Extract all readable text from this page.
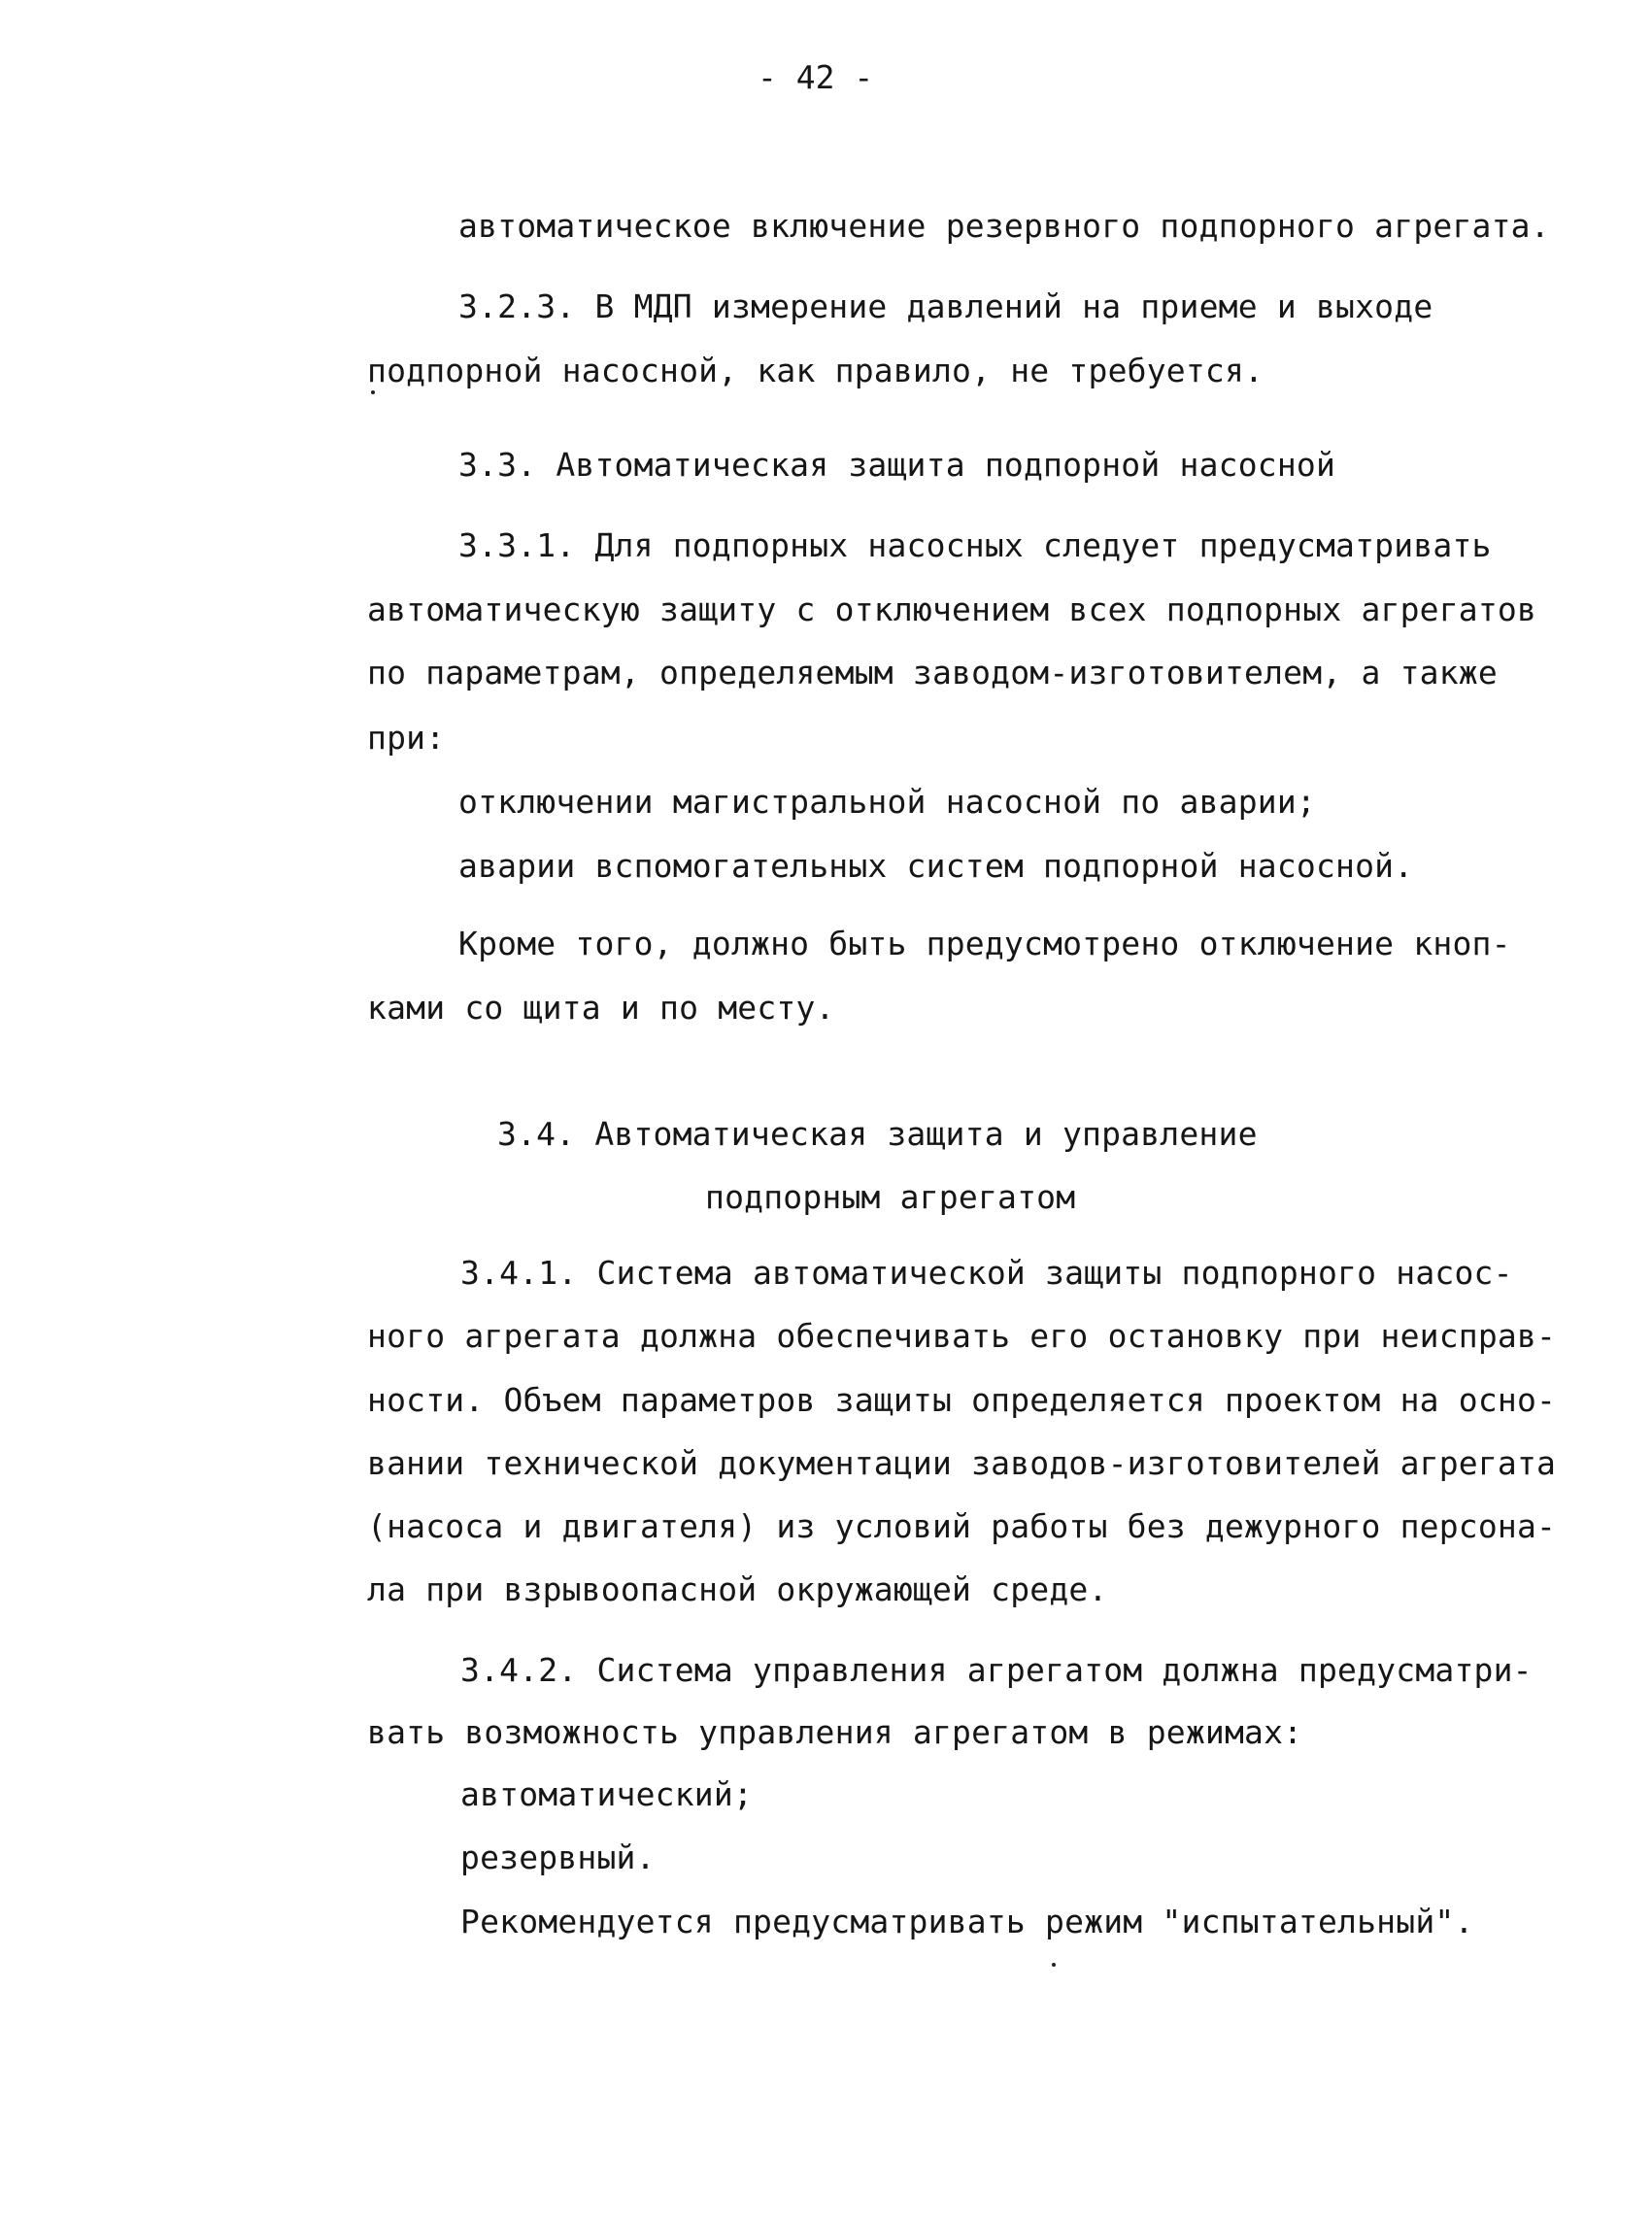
- 42 -
автоматическое включение резервного подпорного агрегата.
3.2.3. В МДП измерение давлений на приеме и выходе
подпорной насосной, как правило, не требуется.
3.3. Автоматическая защита подпорной насосной
3.3.1. Для подпорных насосных следует предусматривать
автоматическую защиту с отключением всех подпорных агрегатов
по параметрам, определяемым заводом-изготовителем, а также
при:
отключении магистральной насосной по аварии;
аварии вспомогательных систем подпорной насосной.
Кроме того, должно быть предусмотрено отключение кноп-
ками со щита и по месту.
3.4. Автоматическая защита и управление
подпорным агрегатом
3.4.1. Система автоматической защиты подпорного насос-
ного агрегата должна обеспечивать его остановку при неисправ-
ности. Объем параметров защиты определяется проектом на осно-
вании технической документации заводов-изготовителей агрегата
(насоса и двигателя) из условий работы без дежурного персона-
ла при взрывоопасной окружающей среде.
3.4.2. Система управления агрегатом должна предусматри-
вать возможность управления агрегатом в режимах:
автоматический;
резервный.
Рекомендуется предусматривать режим "испытательный".
